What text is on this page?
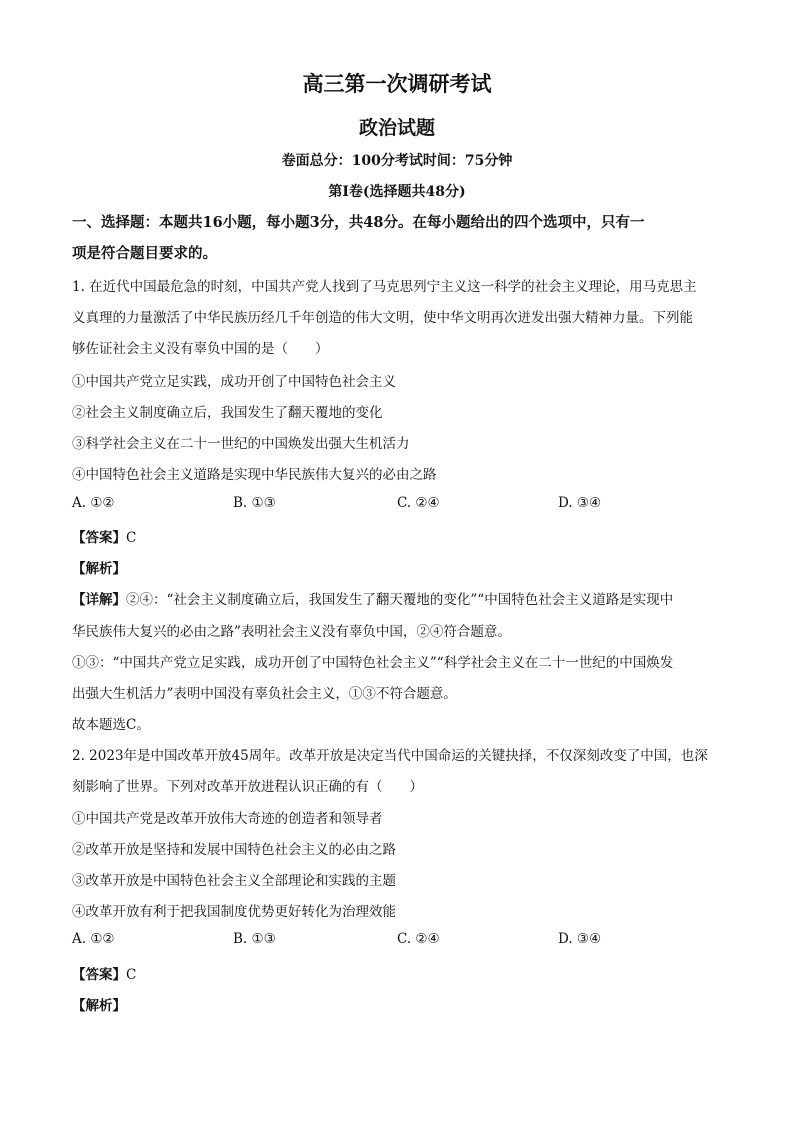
高三第一次调研考试
政治试题
卷面总分：100分考试时间：75分钟
第Ⅰ卷(选择题共48分)
一、选择题：本题共16小题，每小题3分，共48分。在每小题给出的四个选项中，只有一
项是符合题目要求的。
1. 在近代中国最危急的时刻，中国共产党人找到了马克思列宁主义这一科学的社会主义理论，用马克思主
义真理的力量激活了中华民族历经几千年创造的伟大文明，使中华文明再次迸发出强大精神力量。下列能
够佐证社会主义没有辜负中国的是（　　）
①中国共产党立足实践，成功开创了中国特色社会主义
②社会主义制度确立后，我国发生了翻天覆地的变化
③科学社会主义在二十一世纪的中国焕发出强大生机活力
④中国特色社会主义道路是实现中华民族伟大复兴的必由之路
A. ①②	B. ①③	C. ②④	D. ③④
【答案】C
【解析】
【详解】②④：“社会主义制度确立后，我国发生了翻天覆地的变化”“中国特色社会主义道路是实现中
华民族伟大复兴的必由之路”表明社会主义没有辜负中国，②④符合题意。
①③：“中国共产党立足实践，成功开创了中国特色社会主义”“科学社会主义在二十一世纪的中国焕发
出强大生机活力”表明中国没有辜负社会主义，①③不符合题意。
故本题选C。
2. 2023年是中国改革开放45周年。改革开放是决定当代中国命运的关键抉择，不仅深刻改变了中国，也深
刻影响了世界。下列对改革开放进程认识正确的有（　　）
①中国共产党是改革开放伟大奇迹的创造者和领导者
②改革开放是坚持和发展中国特色社会主义的必由之路
③改革开放是中国特色社会主义全部理论和实践的主题
④改革开放有利于把我国制度优势更好转化为治理效能
A. ①②	B. ①③	C. ②④	D. ③④
【答案】C
【解析】
